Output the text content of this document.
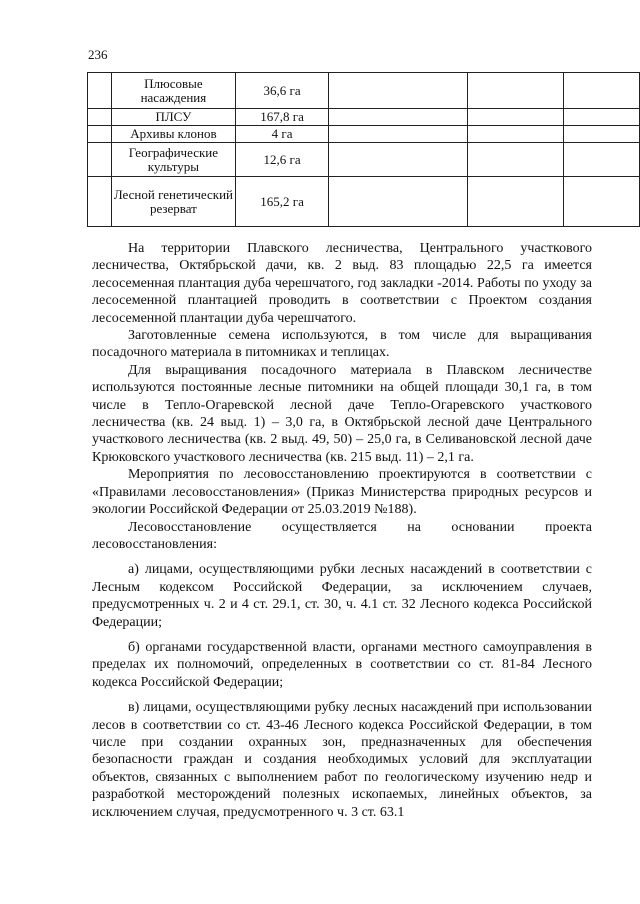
236
	Плюсовые насаждения	36,6 га			
	ПЛСУ	167,8 га			
	Архивы клонов	4 га			
	Географические культуры	12,6 га			
	Лесной генетический резерват	165,2 га			

На территории Плавского лесничества, Центрального участкового лесничества, Октябрьской дачи, кв. 2 выд. 83 площадью 22,5 га имеется лесосеменная плантация дуба черешчатого, год закладки -2014. Работы по уходу за лесосеменной плантацией проводить в соответствии с Проектом создания лесосеменной плантации дуба черешчатого.

Заготовленные семена используются, в том числе для выращивания посадочного материала в питомниках и теплицах.

Для выращивания посадочного материала в Плавском лесничестве используются постоянные лесные питомники на общей площади 30,1 га, в том числе в Тепло-Огаревской лесной даче Тепло-Огаревского участкового лесничества (кв. 24 выд. 1) – 3,0 га, в Октябрьской лесной даче Центрального участкового лесничества (кв. 2 выд. 49, 50) – 25,0 га, в Селивановской лесной даче Крюковского участкового лесничества (кв. 215 выд. 11) – 2,1 га.

Мероприятия по лесовосстановлению проектируются в соответствии с «Правилами лесовосстановления» (Приказ Министерства природных ресурсов и экологии Российской Федерации от 25.03.2019 №188).

Лесовосстановление осуществляется на основании проекта лесовосстановления:

а) лицами, осуществляющими рубки лесных насаждений в соответствии с Лесным кодексом Российской Федерации, за исключением случаев, предусмотренных ч. 2 и 4 ст. 29.1, ст. 30, ч. 4.1 ст. 32 Лесного кодекса Российской Федерации;

б) органами государственной власти, органами местного самоуправления в пределах их полномочий, определенных в соответствии со ст. 81-84 Лесного кодекса Российской Федерации;

в) лицами, осуществляющими рубку лесных насаждений при использовании лесов в соответствии со ст. 43-46 Лесного кодекса Российской Федерации, в том числе при создании охранных зон, предназначенных для обеспечения безопасности граждан и создания необходимых условий для эксплуатации объектов, связанных с выполнением работ по геологическому изучению недр и разработкой месторождений полезных ископаемых, линейных объектов, за исключением случая, предусмотренного ч. 3 ст. 63.1
